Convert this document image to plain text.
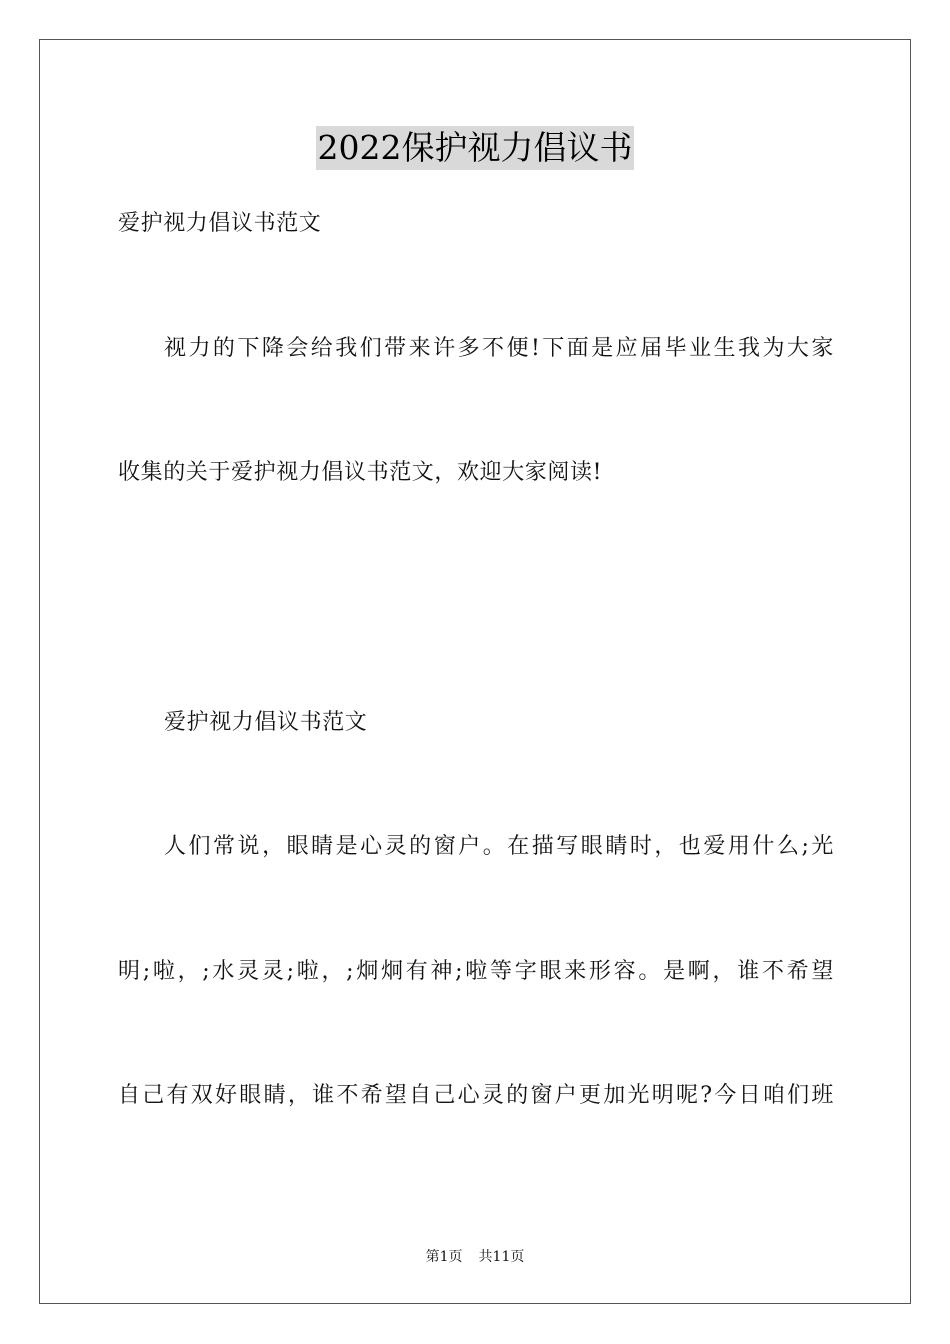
2022保护视力倡议书
爱护视力倡议书范文
视力的下降会给我们带来许多不便!下面是应届毕业生我为大家
收集的关于爱护视力倡议书范文，欢迎大家阅读!
爱护视力倡议书范文
人们常说，眼睛是心灵的窗户。在描写眼睛时，也爱用什么;光
明;啦，;水灵灵;啦，;炯炯有神;啦等字眼来形容。是啊，谁不希望
自己有双好眼睛，谁不希望自己心灵的窗户更加光明呢?今日咱们班
第1页 共11页
